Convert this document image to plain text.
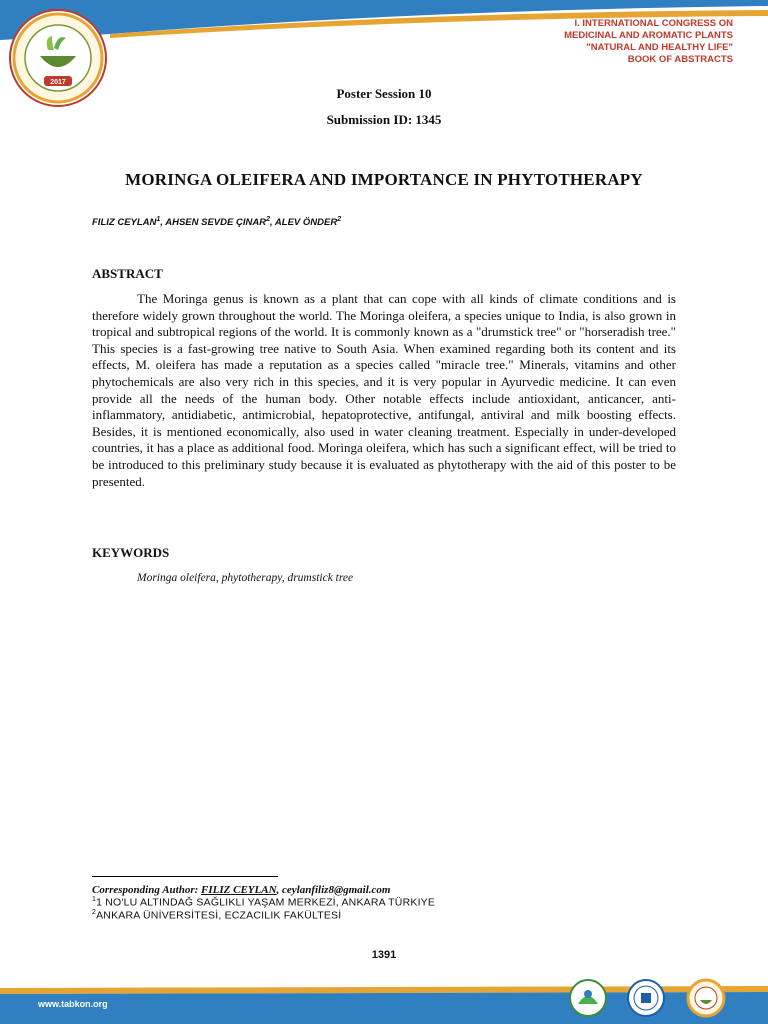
2017
I. INTERNATIONAL CONGRESS ON
MEDICINAL AND AROMATIC PLANTS
"NATURAL AND HEALTHY LIFE"
BOOK OF ABSTRACTS
Poster Session 10
Submission ID: 1345
MORINGA OLEIFERA AND IMPORTANCE IN PHYTOTHERAPY
FILIZ CEYLAN$^1$, AHSEN SEVDE ÇINAR$^2$, ALEV ÖNDER$^2$
ABSTRACT

The Moringa genus is known as a plant that can cope with all kinds of climate conditions and is therefore widely grown throughout the world. The Moringa oleifera, a species unique to India, is also grown in tropical and subtropical regions of the world. It is commonly known as a "drumstick tree" or "horseradish tree." This species is a fast-growing tree native to South Asia. When examined regarding both its content and its effects, M. oleifera has made a reputation as a species called "miracle tree." Minerals, vitamins and other phytochemicals are also very rich in this species, and it is very popular in Ayurvedic medicine. It can even provide all the needs of the human body. Other notable effects include antioxidant, anticancer, anti-inflammatory, antidiabetic, antimicrobial, hepatoprotective, antifungal, antiviral and milk boosting effects. Besides, it is mentioned economically, also used in water cleaning treatment. Especially in under-developed countries, it has a place as additional food. Moringa oleifera, which has such a significant effect, will be tried to be introduced to this preliminary study because it is evaluated as phytotherapy with the aid of this poster to be presented.

KEYWORDS
Moringa oleifera, phytotherapy, drumstick tree
Corresponding Author: FILIZ CEYLAN, ceylanfiliz8@gmail.com
$^1$1 NO'LU ALTINDAĞ SAĞLIKLI YAŞAM MERKEZİ, ANKARA TÜRKIYE
$^2$ANKARA ÜNİVERSİTESİ, ECZACILIK FAKÜLTESİ
1391
www.tabkon.org
